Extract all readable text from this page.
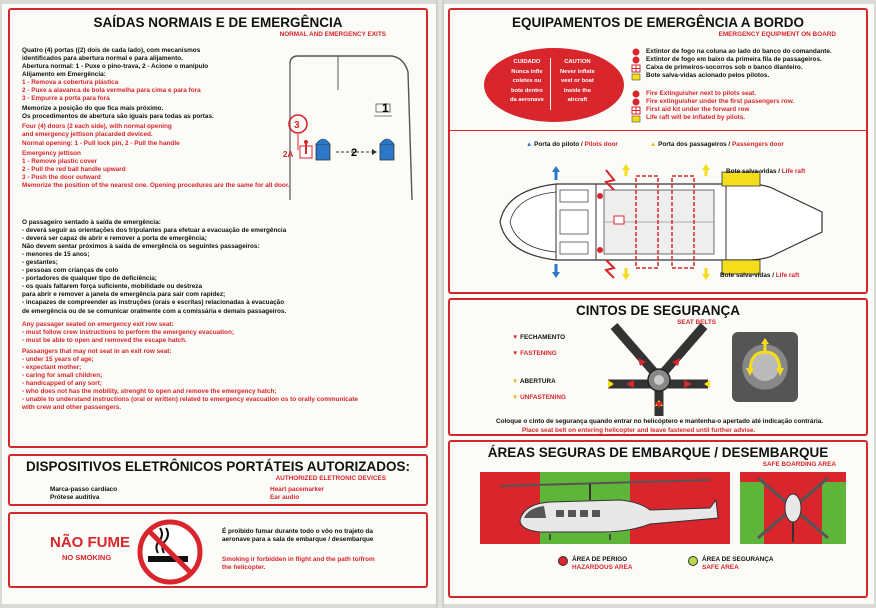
SAÍDAS NORMAIS E DE EMERGÊNCIA
NORMAL AND EMERGENCY EXITS
Quatro (4) portas ((2) dois de cada lado), com mecanismos
identificados para abertura normal e para alijamento.
Abertura normal: 1 - Puxe o pino-trava, 2 - Acione o manípulo
Alijamento em Emergência:
1 - Remova a cobertura plástica
2 - Puxe a alavanca de bola vermelha para cima e para fora
3 - Empurre a porta para fora
Memorize a posição do que fica mais próximo.
Os procedimentos de abertura são iguais para todas as portas.
Four (4) doors (2 each side), with normal opening
and emergency jettison placarded deviced.
Normal opening: 1 - Pull lock pin, 2 - Pull the handle
Emergency jettison
1 - Remove plastic cover
2 - Pull the red ball handle upward
3 - Push the door outward
Memorize the position of the nearest one. Opening procedures are the same for all door.
O passageiro sentado à saída de emergência:
- deverá seguir as orientações dos tripulantes para efetuar a evacuação de emergência
- deverá ser capaz de abrir e remover a porta de emergência;
Não devem sentar próximos à saída de emergência os seguintes passageiros:
- menores de 15 anos;
- gestantes;
- pessoas com crianças de colo
- portadores de qualquer tipo de deficiência;
- os quais faltarem força suficiente, mobilidade ou destreza
para abrir e remover a janela de emergência para sair com rapidez;
- incapazes de compreender as instruções (orais e escritas) relacionadas à evacuação
de emergência ou de se comunicar oralmente com a comissária e demais passageiros.
Any passager seated on emergency exit row seat:
- must follow crew instructions to perform the emergency evacuation;
- must be able to open and removed the escape hatch.
Passangers that may not seat in an exit row seat:
- under 15 years of age;
- expectant mother;
- caring for small children;
- handicapped of any sort;
- who does not has the mobility, strenght to open and remove the emergency hatch;
- unable to understand instructions (oral or written) related to emergency evacuation os to orally communicate
with crew and other passengers.
1
3
2A	2
DISPOSITIVOS ELETRÔNICOS PORTÁTEIS AUTORIZADOS:
AUTHORIZED ELETRONIC DEVICES
Marca-passo cardíaco
Prótese auditiva
Heart pacemarker
Ear audio
NÃO FUME
NO SMOKING
É proibido fumar durante todo o vôo no trajeto da
aeronave para a sala de embarque / desembarque
Smoking ir forbidden in flight and the path to/from
the helicopter.
EQUIPAMENTOS DE EMERGÊNCIA A BORDO
EMERGENCY EQUIPMENT ON BOARD
CUIDADO
Nunca infle
coletes ou
bote dentro
da aeronave
CAUTION
Never inflate
vest or boat
inside the
aircraft
Extintor de fogo na coluna ao lado do banco do comandante.
Extintor de fogo em baixo da primeira fila de passageiros.
Caixa de primeiros-socorros sob o banco dianteiro.
Bote salva-vidas acionado pelos pilotos.
Fire Extinguisher next to pilots seat.
Fire extinguisher under the first passengers row.
First aid kit under the forward row
Life raft will be inflated by pilots.
▲ Porta do piloto / Pilots door	▲ Porta dos passageiros / Passengers door
Bote salva-vidas / Life raft
Bote salva-vidas / Life raft
CINTOS DE SEGURANÇA
SEAT BELTS
▼ FECHAMENTO
▼ FASTENING
▼ ABERTURA
▼ UNFASTENING
Coloque o cinto de segurança quando entrar no helicóptero e mantenha-o apertado até indicação contrária.
Place seat belt on entering helicopter and leave fastened until further advise.
ÁREAS SEGURAS DE EMBARQUE / DESEMBARQUE
SAFE BOARDING AREA
ÁREA DE PERIGO
HAZARDOUS AREA
ÁREA DE SEGURANÇA
SAFE AREA
